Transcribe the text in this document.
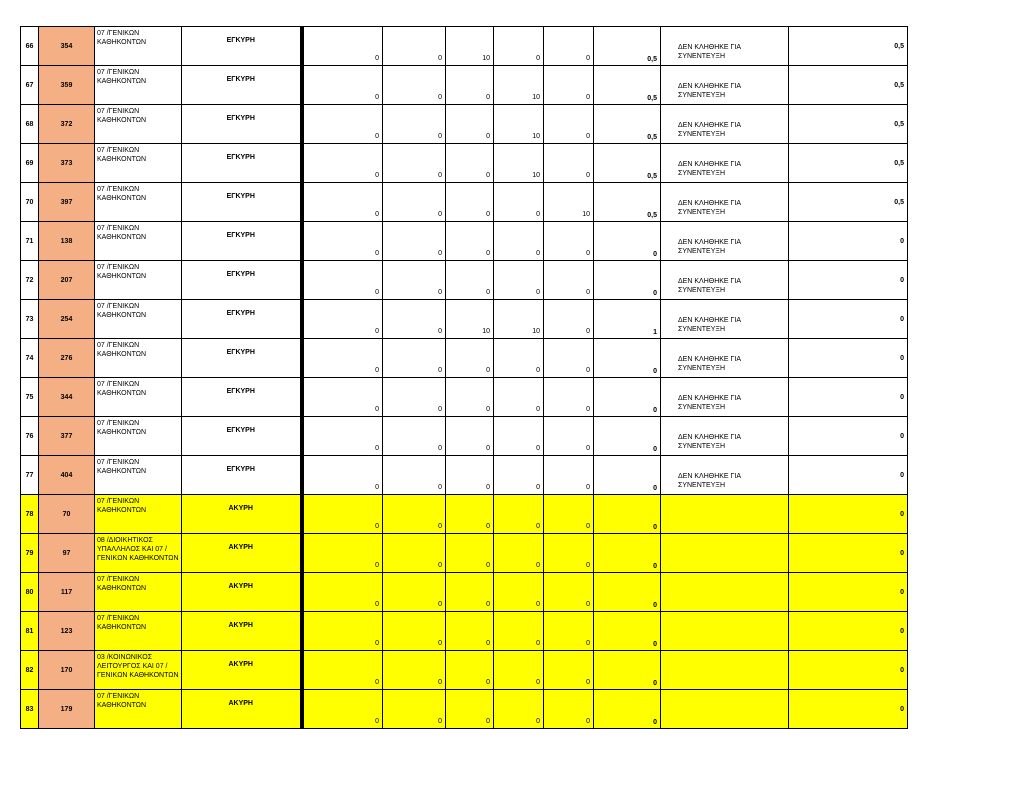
66	354	07 /ΓΕΝΙΚΩΝ ΚΑΘΗΚΟΝΤΩΝ	ΕΓΚΥΡΗ	0	0	10	0	0	0,5	ΔΕΝ ΚΛΗΘΗΚΕ ΓΙΑ ΣΥΝΕΝΤΕΥΞΗ	0,5
67	359	07 /ΓΕΝΙΚΩΝ ΚΑΘΗΚΟΝΤΩΝ	ΕΓΚΥΡΗ	0	0	0	10	0	0,5	ΔΕΝ ΚΛΗΘΗΚΕ ΓΙΑ ΣΥΝΕΝΤΕΥΞΗ	0,5
68	372	07 /ΓΕΝΙΚΩΝ ΚΑΘΗΚΟΝΤΩΝ	ΕΓΚΥΡΗ	0	0	0	10	0	0,5	ΔΕΝ ΚΛΗΘΗΚΕ ΓΙΑ ΣΥΝΕΝΤΕΥΞΗ	0,5
69	373	07 /ΓΕΝΙΚΩΝ ΚΑΘΗΚΟΝΤΩΝ	ΕΓΚΥΡΗ	0	0	0	10	0	0,5	ΔΕΝ ΚΛΗΘΗΚΕ ΓΙΑ ΣΥΝΕΝΤΕΥΞΗ	0,5
70	397	07 /ΓΕΝΙΚΩΝ ΚΑΘΗΚΟΝΤΩΝ	ΕΓΚΥΡΗ	0	0	0	0	10	0,5	ΔΕΝ ΚΛΗΘΗΚΕ ΓΙΑ ΣΥΝΕΝΤΕΥΞΗ	0,5
71	138	07 /ΓΕΝΙΚΩΝ ΚΑΘΗΚΟΝΤΩΝ	ΕΓΚΥΡΗ	0	0	0	0	0	0	ΔΕΝ ΚΛΗΘΗΚΕ ΓΙΑ ΣΥΝΕΝΤΕΥΞΗ	0
72	207	07 /ΓΕΝΙΚΩΝ ΚΑΘΗΚΟΝΤΩΝ	ΕΓΚΥΡΗ	0	0	0	0	0	0	ΔΕΝ ΚΛΗΘΗΚΕ ΓΙΑ ΣΥΝΕΝΤΕΥΞΗ	0
73	254	07 /ΓΕΝΙΚΩΝ ΚΑΘΗΚΟΝΤΩΝ	ΕΓΚΥΡΗ	0	0	10	10	0	1	ΔΕΝ ΚΛΗΘΗΚΕ ΓΙΑ ΣΥΝΕΝΤΕΥΞΗ	0
74	276	07 /ΓΕΝΙΚΩΝ ΚΑΘΗΚΟΝΤΩΝ	ΕΓΚΥΡΗ	0	0	0	0	0	0	ΔΕΝ ΚΛΗΘΗΚΕ ΓΙΑ ΣΥΝΕΝΤΕΥΞΗ	0
75	344	07 /ΓΕΝΙΚΩΝ ΚΑΘΗΚΟΝΤΩΝ	ΕΓΚΥΡΗ	0	0	0	0	0	0	ΔΕΝ ΚΛΗΘΗΚΕ ΓΙΑ ΣΥΝΕΝΤΕΥΞΗ	0
76	377	07 /ΓΕΝΙΚΩΝ ΚΑΘΗΚΟΝΤΩΝ	ΕΓΚΥΡΗ	0	0	0	0	0	0	ΔΕΝ ΚΛΗΘΗΚΕ ΓΙΑ ΣΥΝΕΝΤΕΥΞΗ	0
77	404	07 /ΓΕΝΙΚΩΝ ΚΑΘΗΚΟΝΤΩΝ	ΕΓΚΥΡΗ	0	0	0	0	0	0	ΔΕΝ ΚΛΗΘΗΚΕ ΓΙΑ ΣΥΝΕΝΤΕΥΞΗ	0
78	70	07 /ΓΕΝΙΚΩΝ ΚΑΘΗΚΟΝΤΩΝ	ΑΚΥΡΗ	0	0	0	0	0	0		0
79	97	08 /ΔΙΟΙΚΗΤΙΚΟΣ ΥΠΑΛΛΗΛΟΣ ΚΑΙ 07 /ΓΕΝΙΚΩΝ ΚΑΘΗΚΟΝΤΩΝ	ΑΚΥΡΗ	0	0	0	0	0	0		0
80	117	07 /ΓΕΝΙΚΩΝ ΚΑΘΗΚΟΝΤΩΝ	ΑΚΥΡΗ	0	0	0	0	0	0		0
81	123	07 /ΓΕΝΙΚΩΝ ΚΑΘΗΚΟΝΤΩΝ	ΑΚΥΡΗ	0	0	0	0	0	0		0
82	170	03 /ΚΟΙΝΩΝΙΚΟΣ ΛΕΙΤΟΥΡΓΟΣ ΚΑΙ 07 /ΓΕΝΙΚΩΝ ΚΑΘΗΚΟΝΤΩΝ	ΑΚΥΡΗ	0	0	0	0	0	0		0
83	179	07 /ΓΕΝΙΚΩΝ ΚΑΘΗΚΟΝΤΩΝ	ΑΚΥΡΗ	0	0	0	0	0	0		0
